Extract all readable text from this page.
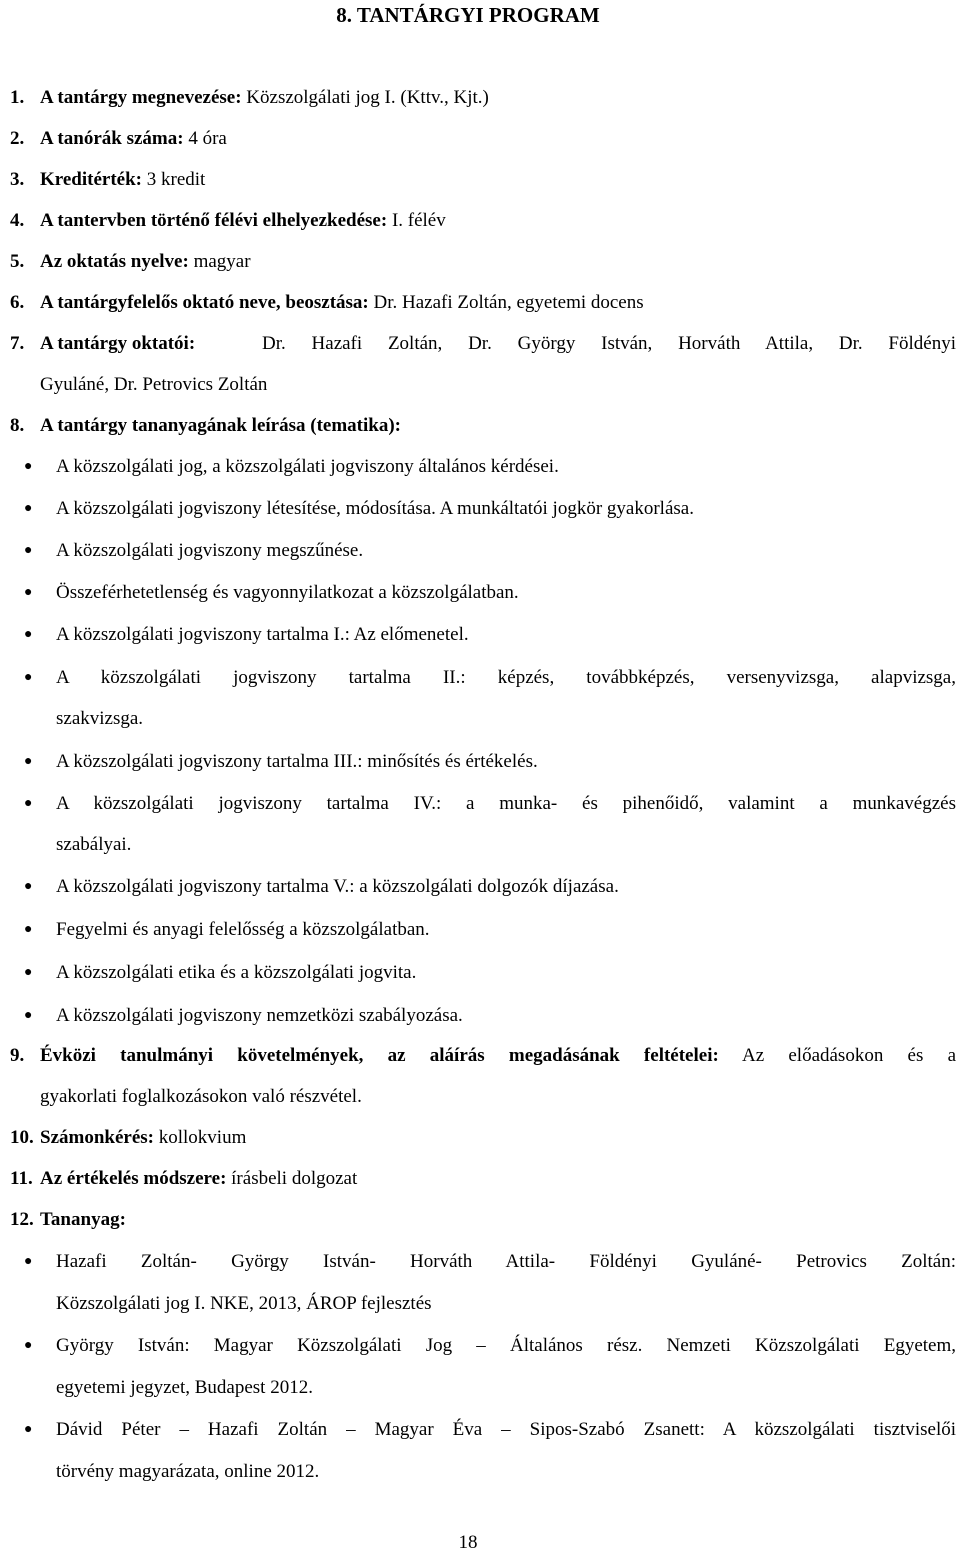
8. TANTÁRGYI PROGRAM
1. A tantárgy megnevezése: Közszolgálati jog I. (Kttv., Kjt.)
2. A tanórák száma: 4 óra
3. Kreditérték: 3 kredit
4. A tantervben történő félévi elhelyezkedése: I. félév
5. Az oktatás nyelve: magyar
6. A tantárgyfelelős oktató neve, beosztása: Dr. Hazafi Zoltán, egyetemi docens
7. A tantárgy oktatói:	Dr. Hazafi Zoltán, Dr. György István, Horváth Attila, Dr. Földényi
Gyuláné, Dr. Petrovics Zoltán
8. A tantárgy tananyagának leírása (tematika):
● A közszolgálati jog, a közszolgálati jogviszony általános kérdései.
● A közszolgálati jogviszony létesítése, módosítása. A munkáltatói jogkör gyakorlása.
● A közszolgálati jogviszony megszűnése.
● Összeférhetetlenség és vagyonnyilatkozat a közszolgálatban.
● A közszolgálati jogviszony tartalma I.: Az előmenetel.
● A közszolgálati jogviszony tartalma II.: képzés, továbbképzés, versenyvizsga, alapvizsga,
szakvizsga.
● A közszolgálati jogviszony tartalma III.: minősítés és értékelés.
● A közszolgálati jogviszony tartalma IV.: a munka- és pihenőidő, valamint a munkavégzés
szabályai.
● A közszolgálati jogviszony tartalma V.: a közszolgálati dolgozók díjazása.
● Fegyelmi és anyagi felelősség a közszolgálatban.
● A közszolgálati etika és a közszolgálati jogvita.
● A közszolgálati jogviszony nemzetközi szabályozása.
9. Évközi tanulmányi követelmények, az aláírás megadásának feltételei: Az előadásokon és a
gyakorlati foglalkozásokon való részvétel.
10. Számonkérés: kollokvium
11. Az értékelés módszere: írásbeli dolgozat
12. Tananyag:
● Hazafi Zoltán- György István- Horváth Attila- Földényi Gyuláné- Petrovics Zoltán:
Közszolgálati jog I. NKE, 2013, ÁROP fejlesztés
● György István: Magyar Közszolgálati Jog – Általános rész. Nemzeti Közszolgálati Egyetem,
egyetemi jegyzet, Budapest 2012.
● Dávid Péter – Hazafi Zoltán – Magyar Éva – Sipos-Szabó Zsanett: A közszolgálati tisztviselői
törvény magyarázata, online 2012.
18
